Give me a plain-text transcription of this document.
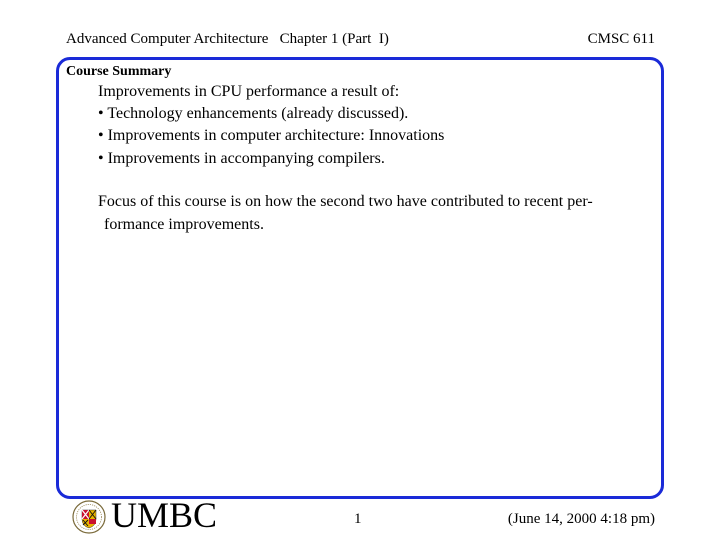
Advanced Computer Architecture   Chapter 1 (Part  I)	CMSC 611
Course Summary
Improvements in CPU performance a result of:
• Technology enhancements (already discussed).
• Improvements in computer architecture: Innovations
• Improvements in accompanying compilers.
Focus of this course is on how the second two have contributed to recent per-
formance improvements.
UMBC	1	(June 14, 2000 4:18 pm)
